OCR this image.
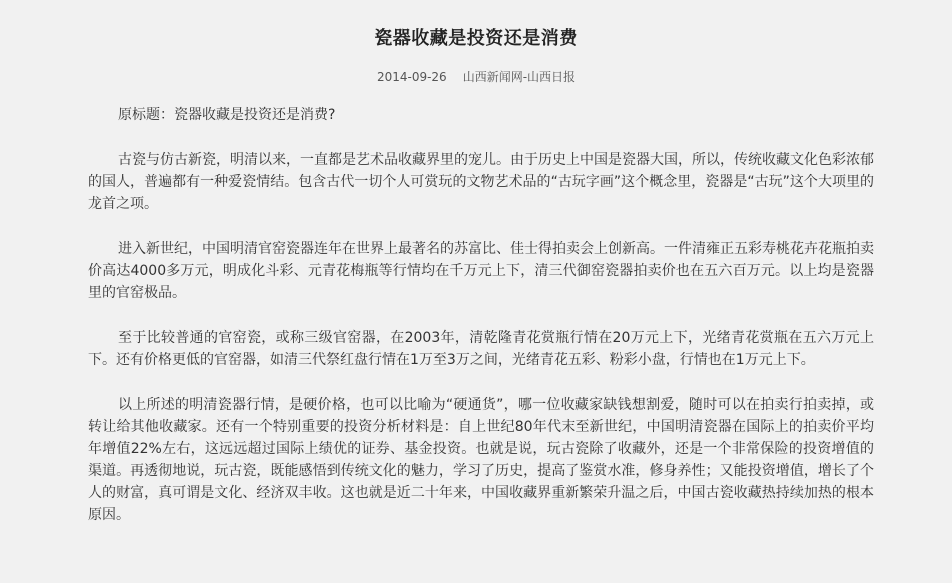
瓷器收藏是投资还是消费
2014-09-26 山西新闻网-山西日报

原标题：瓷器收藏是投资还是消费?

古瓷与仿古新瓷，明清以来，一直都是艺术品收藏界里的宠儿。由于历史上中国是瓷器大国，所以，传统收藏文化色彩浓郁的国人，普遍都有一种爱瓷情结。包含古代一切个人可赏玩的文物艺术品的“古玩字画”这个概念里，瓷器是“古玩”这个大项里的龙首之项。

进入新世纪，中国明清官窑瓷器连年在世界上最著名的苏富比、佳士得拍卖会上创新高。一件清雍正五彩寿桃花卉花瓶拍卖价高达4000多万元，明成化斗彩、元青花梅瓶等行情均在千万元上下，清三代御窑瓷器拍卖价也在五六百万元。以上均是瓷器里的官窑极品。

至于比较普通的官窑瓷，或称三级官窑器，在2003年，清乾隆青花赏瓶行情在20万元上下，光绪青花赏瓶在五六万元上下。还有价格更低的官窑器，如清三代祭红盘行情在1万至3万之间，光绪青花五彩、粉彩小盘，行情也在1万元上下。

以上所述的明清瓷器行情，是硬价格，也可以比喻为“硬通货”，哪一位收藏家缺钱想割爱，随时可以在拍卖行拍卖掉，或转让给其他收藏家。还有一个特别重要的投资分析材料是：自上世纪80年代末至新世纪，中国明清瓷器在国际上的拍卖价平均年增值22%左右，这远远超过国际上绩优的证券、基金投资。也就是说，玩古瓷除了收藏外，还是一个非常保险的投资增值的渠道。再透彻地说，玩古瓷，既能感悟到传统文化的魅力，学习了历史，提高了鉴赏水准，修身养性；又能投资增值，增长了个人的财富，真可谓是文化、经济双丰收。这也就是近二十年来，中国收藏界重新繁荣升温之后，中国古瓷收藏热持续加热的根本原因。
